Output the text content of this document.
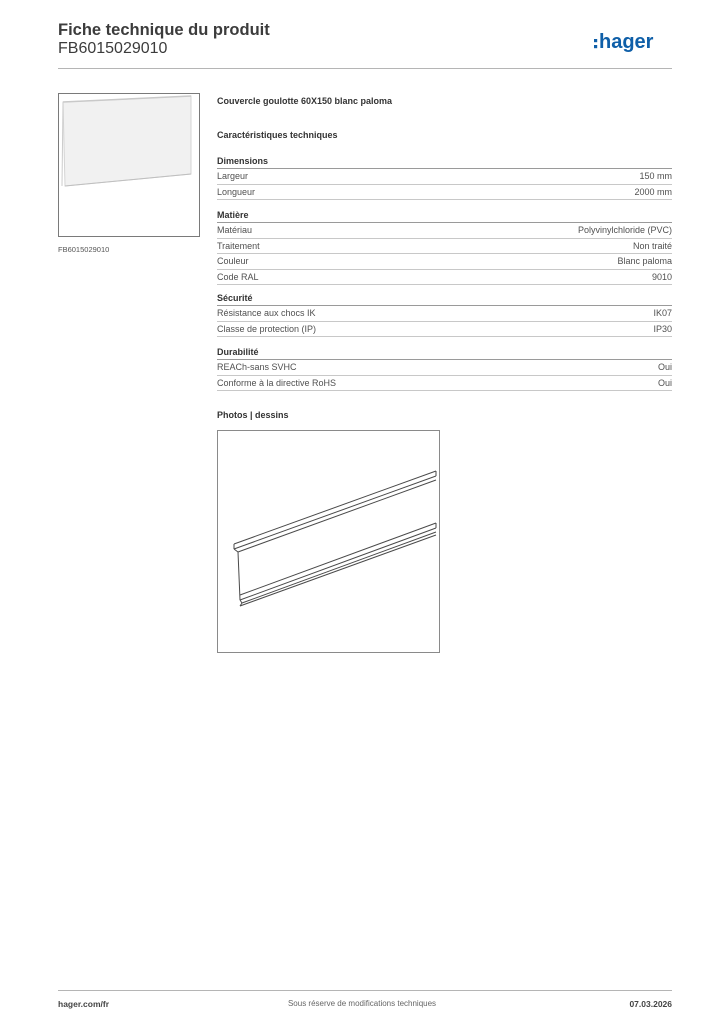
Fiche technique du produit
FB6015029010	hager
FB6015029010
Couvercle goulotte 60X150 blanc paloma
Caractéristiques techniques
Dimensions
Largeur	150 mm
Longueur	2000 mm
Matière
Matériau	Polyvinylchloride (PVC)
Traitement	Non traité
Couleur	Blanc paloma
Code RAL	9010
Sécurité
Résistance aux chocs IK	IK07
Classe de protection (IP)	IP30
Durabilité
REACh-sans SVHC	Oui
Conforme à la directive RoHS	Oui
Photos | dessins
hager.com/fr	Sous réserve de modifications techniques	07.03.2026
